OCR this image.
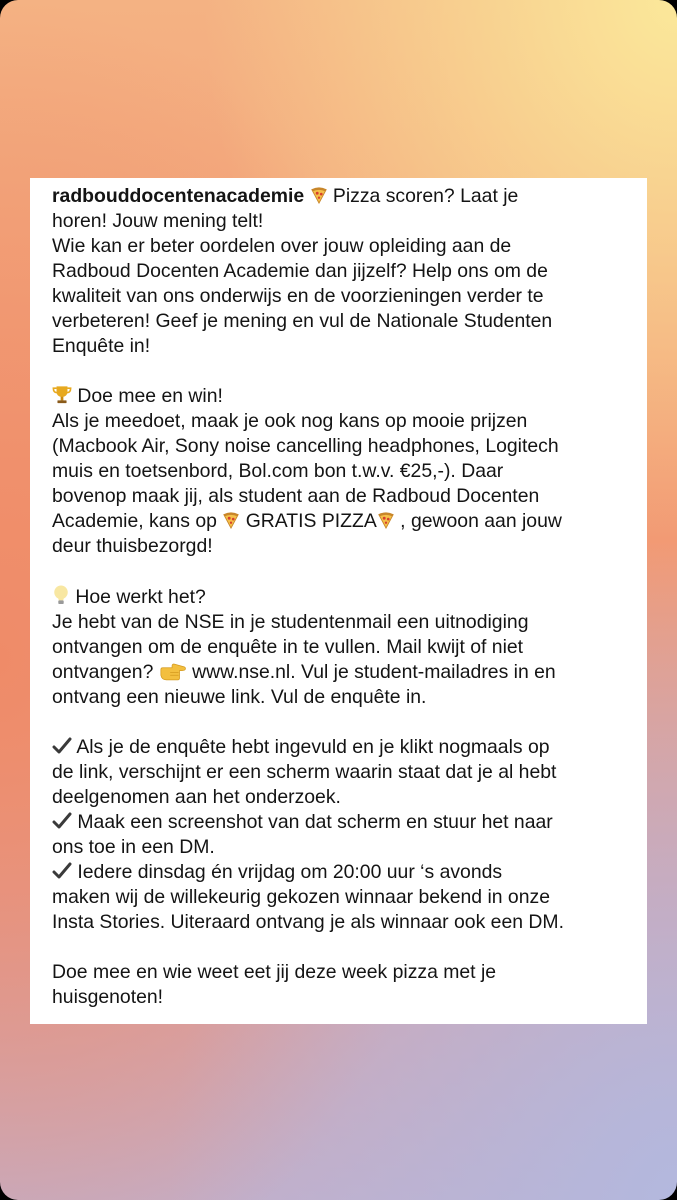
radbouddocentenacademie  Pizza scoren? Laat je
horen! Jouw mening telt!
Wie kan er beter oordelen over jouw opleiding aan de
Radboud Docenten Academie dan jijzelf? Help ons om de
kwaliteit van ons onderwijs en de voorzieningen verder te
verbeteren! Geef je mening en vul de Nationale Studenten
Enquête in!
Doe mee en win!
Als je meedoet, maak je ook nog kans op mooie prijzen
(Macbook Air, Sony noise cancelling headphones, Logitech
muis en toetsenbord, Bol.com bon t.w.v. €25,-). Daar
bovenop maak jij, als student aan de Radboud Docenten
Academie, kans op  GRATIS PIZZA , gewoon aan jouw
deur thuisbezorgd!
Hoe werkt het?
Je hebt van de NSE in je studentenmail een uitnodiging
ontvangen om de enquête in te vullen. Mail kwijt of niet
ontvangen?  www.nse.nl. Vul je student-mailadres in en
ontvang een nieuwe link. Vul de enquête in.
Als je de enquête hebt ingevuld en je klikt nogmaals op
de link, verschijnt er een scherm waarin staat dat je al hebt
deelgenomen aan het onderzoek.
Maak een screenshot van dat scherm en stuur het naar
ons toe in een DM.
Iedere dinsdag én vrijdag om 20:00 uur ‘s avonds
maken wij de willekeurig gekozen winnaar bekend in onze
Insta Stories. Uiteraard ontvang je als winnaar ook een DM.
Doe mee en wie weet eet jij deze week pizza met je
huisgenoten!
